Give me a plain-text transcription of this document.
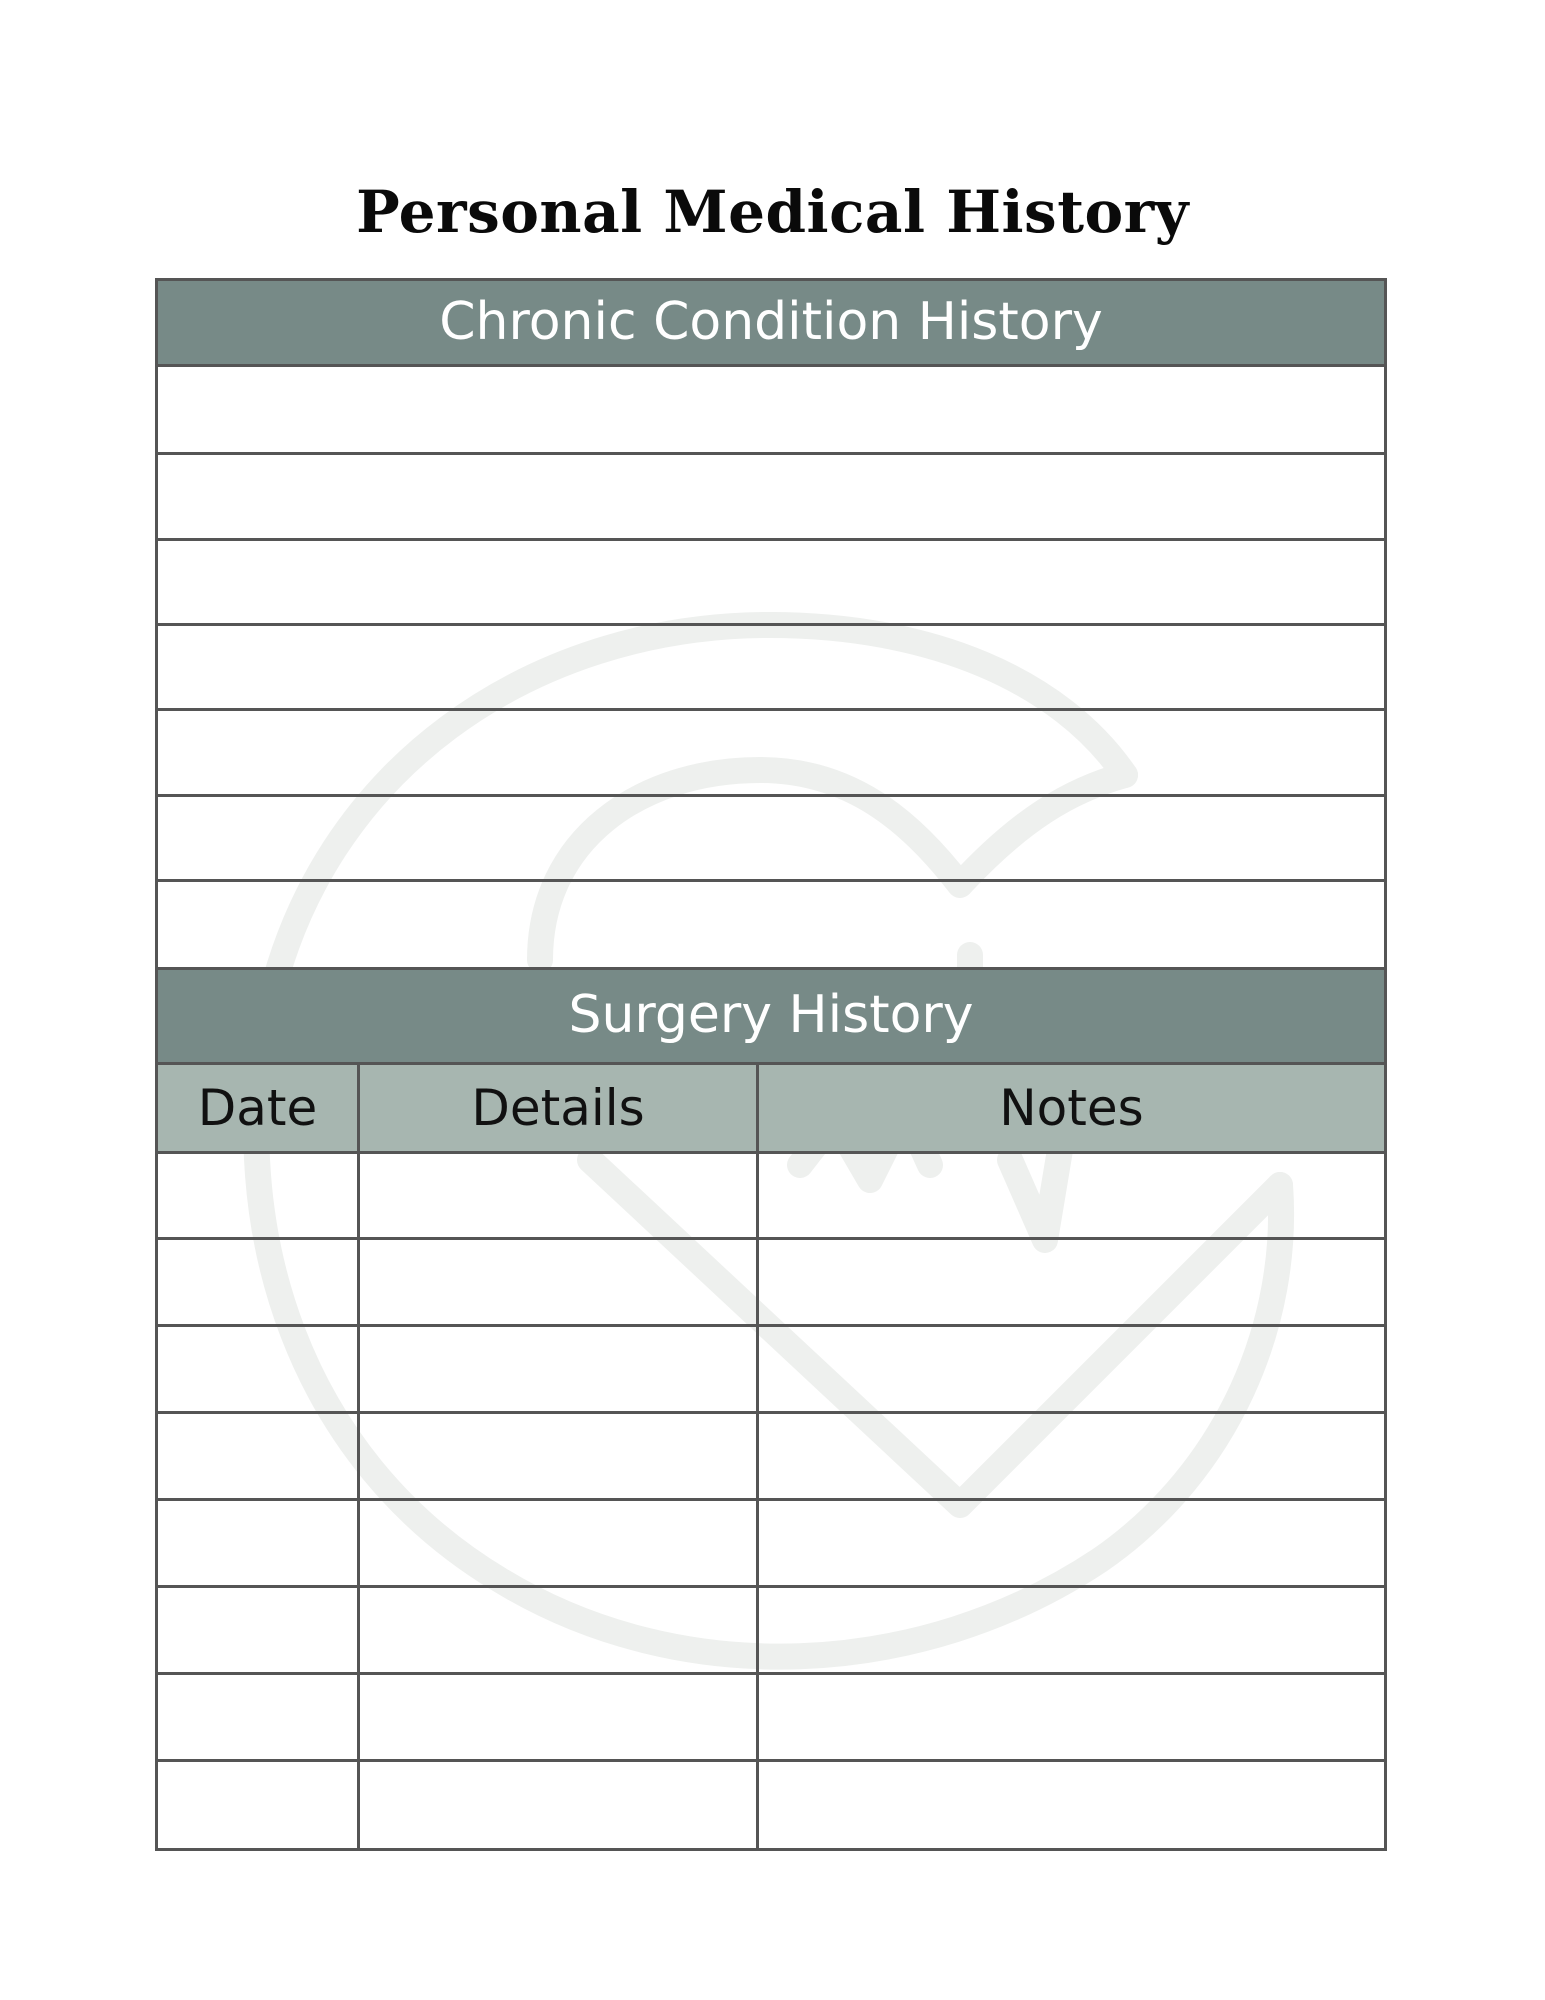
Personal Medical History
Chronic Condition History
Surgery History
Date	Details	Notes
